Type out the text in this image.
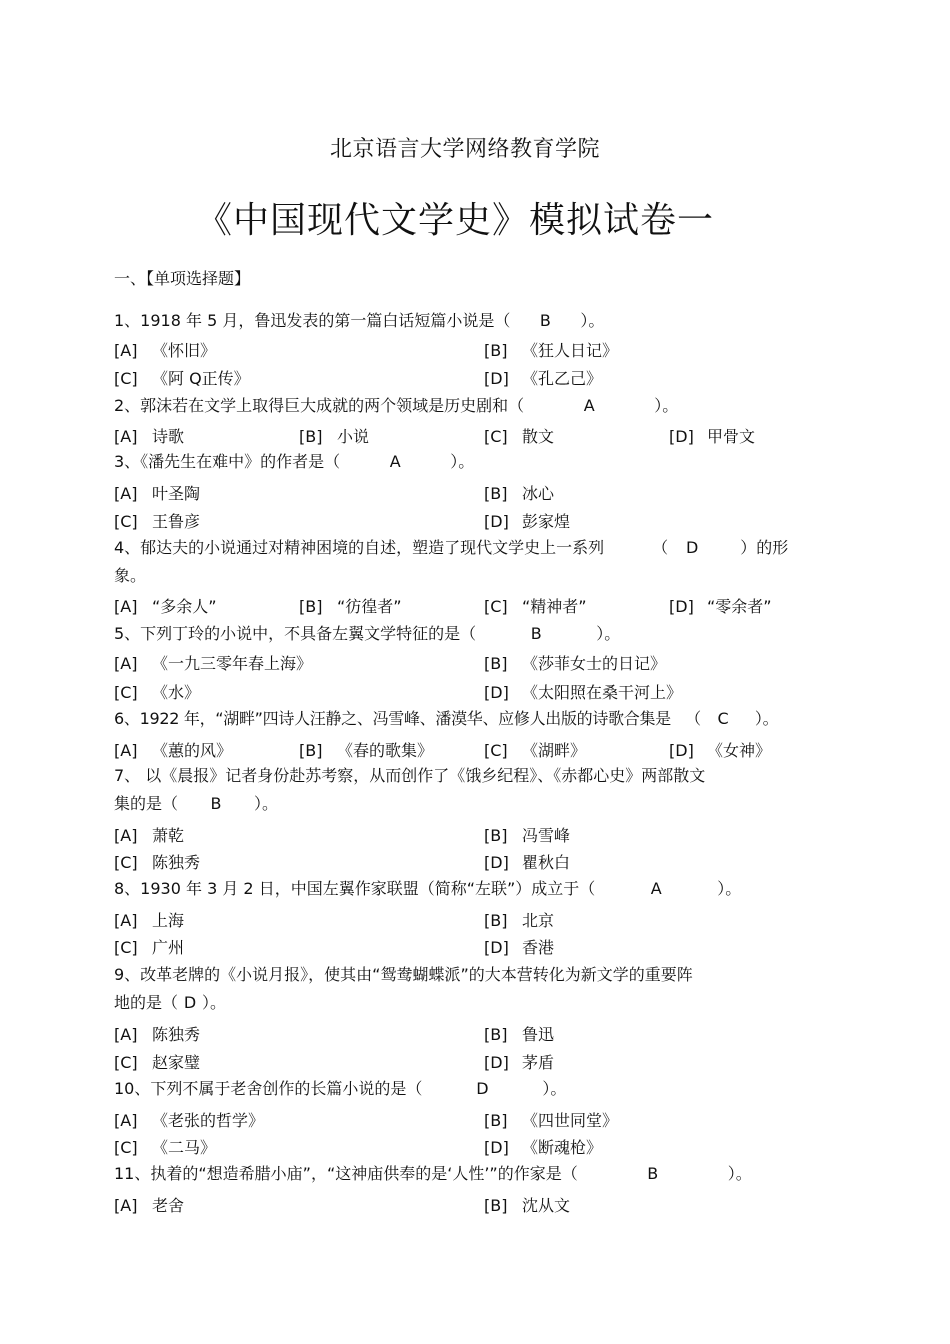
北京语言大学网络教育学院
《中国现代文学史》模拟试卷一
一、【单项选择题】
1、1918 年 5 月，鲁迅发表的第一篇白话短篇小说是（ B ）。
[A] 《怀旧》	[B] 《狂人日记》
[C] 《阿 Q正传》	[D] 《孔乙己》
2、郭沫若在文学上取得巨大成就的两个领域是历史剧和（	A	）。
[A] 诗歌	[B] 小说	[C] 散文	[D] 甲骨文
3、《潘先生在难中》的作者是（	A	）。
[A] 叶圣陶	[B] 冰心
[C] 王鲁彦	[D] 彭家煌
4、郁达夫的小说通过对精神困境的自述，塑造了现代文学史上一系列	（ D	）的形
象。
[A] “多余人”	[B] “彷徨者”	[C] “精神者”	[D] “零余者”
5、下列丁玲的小说中，不具备左翼文学特征的是（	B	）。
[A] 《一九三零年春上海》	[B] 《莎菲女士的日记》
[C] 《水》	[D] 《太阳照在桑干河上》
6、1922 年，“湖畔”四诗人汪静之、冯雪峰、潘漠华、应修人出版的诗歌合集是 （ C ）。
[A] 《蕙的风》	[B] 《春的歌集》	[C] 《湖畔》	[D] 《女神》
7、 以《晨报》记者身份赴苏考察，从而创作了《饿乡纪程》、《赤都心史》两部散文
集的是（ B ）。
[A] 萧乾	[B] 冯雪峰
[C] 陈独秀	[D] 瞿秋白
8、1930 年 3 月 2 日，中国左翼作家联盟（简称“左联”）成立于（	A	）。
[A] 上海	[B] 北京
[C] 广州	[D] 香港
9、改革老牌的《小说月报》，使其由“鸳鸯蝴蝶派”的大本营转化为新文学的重要阵
地的是（ D ）。
[A] 陈独秀	[B] 鲁迅
[C] 赵家璧	[D] 茅盾
10、下列不属于老舍创作的长篇小说的是（	D	）。
[A] 《老张的哲学》	[B] 《四世同堂》
[C] 《二马》	[D] 《断魂枪》
11、执着的“想造希腊小庙”，“这神庙供奉的是‘人性’”的作家是（	B	）。
[A] 老舍	[B] 沈从文
